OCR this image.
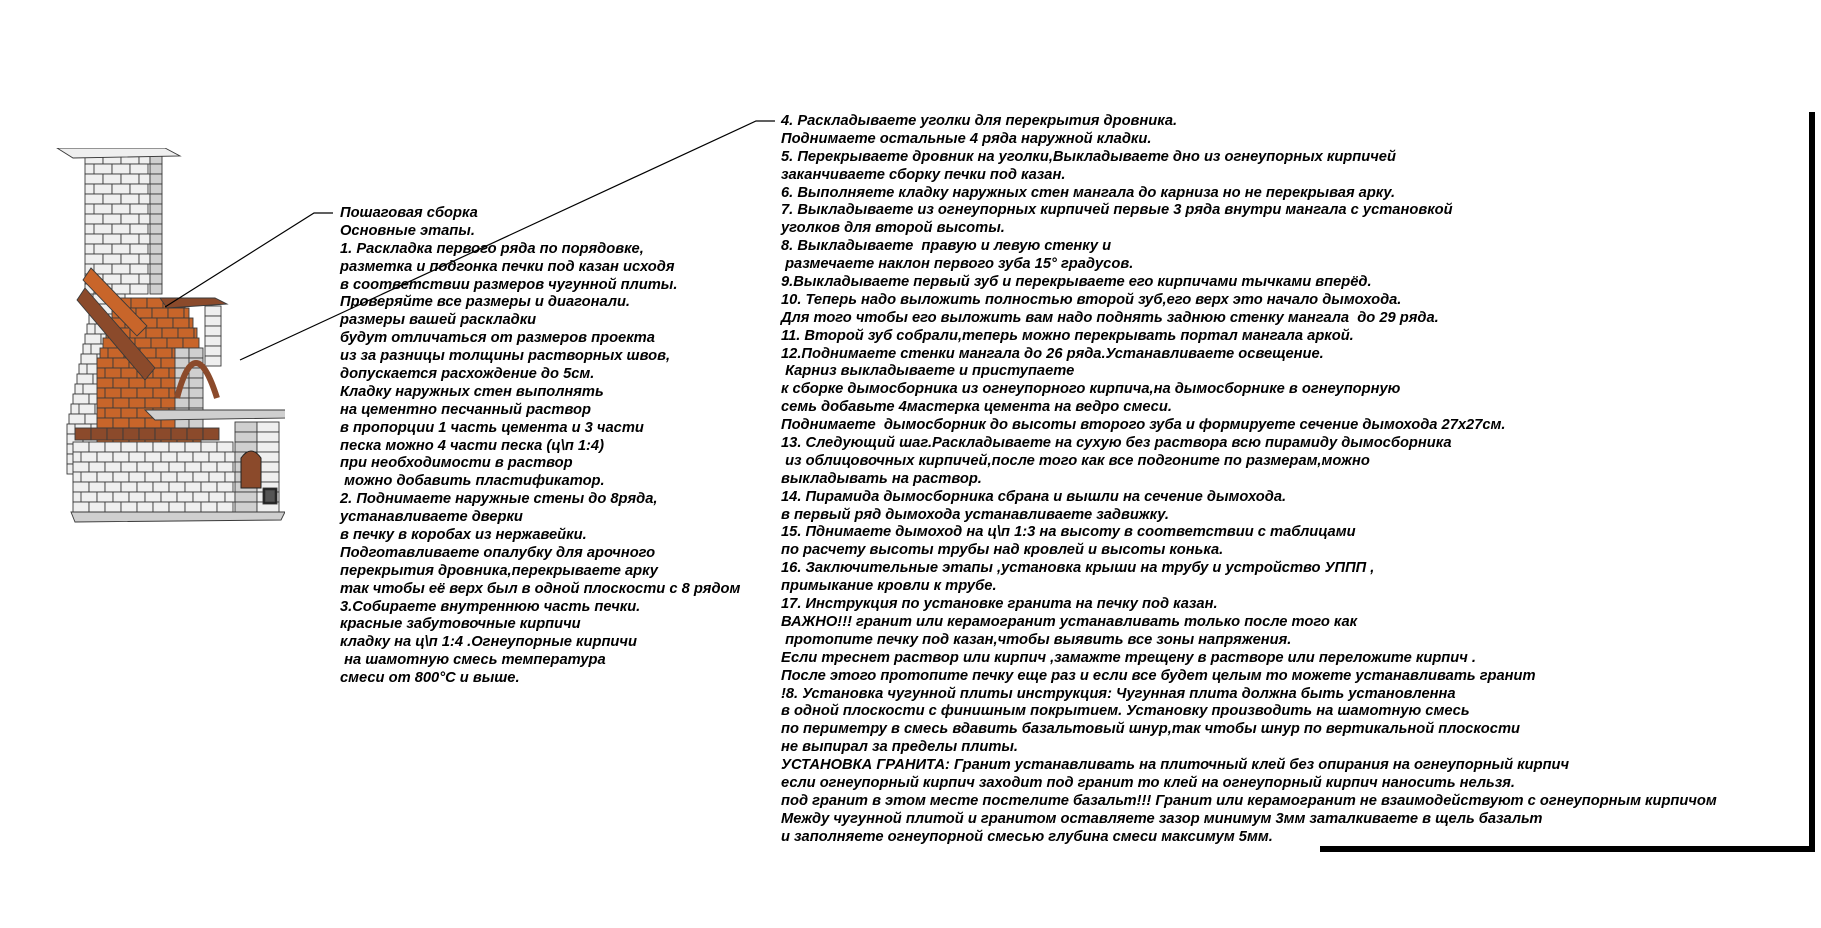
Пошаговая сборка
Основные этапы.
1. Раскладка первого ряда по порядовке,
разметка и подгонка печки под казан исходя
в соответствии размеров чугунной плиты.
Проверяйте все размеры и диагонали.
размеры вашей раскладки
будут отличаться от размеров проекта
из за разницы толщины растворных швов,
допускается расхождение до 5см.
Кладку наружных стен выполнять
на цементно песчанный раствор
в пропорции 1 часть цемента и 3 части
песка можно 4 части песка (ц\п 1:4)
при необходимости в раствор
можно добавить пластификатор.
2. Поднимаете наружные стены до 8ряда,
устанавливаете дверки
в печку в коробах из нержавейки.
Подготавливаете опалубку для арочного
перекрытия дровника,перекрываете арку
так чтобы её верх был в одной плоскости с 8 рядом
3.Собираете внутреннюю часть печки.
красные забутовочные кирпичи
кладку на ц\п 1:4 .Огнеупорные кирпичи
на шамотную смесь температура
смеси от 800°С и выше.
4. Раскладываете уголки для перекрытия дровника.
Поднимаете остальные 4 ряда наружной кладки.
5. Перекрываете дровник на уголки,Выкладываете дно из огнеупорных кирпичей
заканчиваете сборку печки под казан.
6. Выполняете кладку наружных стен мангала до карниза но не перекрывая арку.
7. Выкладываете из огнеупорных кирпичей первые 3 ряда внутри мангала с установкой
уголков для второй высоты.
8. Выкладываете  правую и левую стенку и
размечаете наклон первого зуба 15° градусов.
9.Выкладываете первый зуб и перекрываете его кирпичами тычками вперёд.
10. Теперь надо выложить полностью второй зуб,его верх это начало дымохода.
Для того чтобы его выложить вам надо поднять заднюю стенку мангала  до 29 ряда.
11. Второй зуб собрали,теперь можно перекрывать портал мангала аркой.
12.Поднимаете стенки мангала до 26 ряда.Устанавливаете освещение.
Карниз выкладываете и приступаете
к сборке дымосборника из огнеупорного кирпича,на дымосборнике в огнеупорную
семь добавьте 4мастерка цемента на ведро смеси.
Поднимаете  дымосборник до высоты второго зуба и формируете сечение дымохода 27х27см.
13. Следующий шаг.Раскладываете на сухую без раствора всю пирамиду дымосборника
из облицовочных кирпичей,после того как все подгоните по размерам,можно
выкладывать на раствор.
14. Пирамида дымосборника сбрана и вышли на сечение дымохода.
в первый ряд дымохода устанавливаете задвижку.
15. Пднимаете дымоход на ц\п 1:3 на высоту в соответствии с таблицами
по расчету высоты трубы над кровлей и высоты конька.
16. Заключительные этапы ,установка крыши на трубу и устройство УППП ,
примыкание кровли к трубе.
17. Инструкция по установке гранита на печку под казан.
ВАЖНО!!! гранит или керамогранит устанавливать только после того как
протопите печку под казан,чтобы выявить все зоны напряжения.
Если треснет раствор или кирпич ,замажте трещену в растворе или переложите кирпич .
После этого протопите печку еще раз и если все будет целым то можете устанавливать гранит
!8. Установка чугунной плиты инструкция: Чугунная плита должна быть установленна
в одной плоскости с финишным покрытием. Установку производить на шамотную смесь
по периметру в смесь вдавить базальтовый шнур,так чтобы шнур по вертикальной плоскости
не выпирал за пределы плиты.
УСТАНОВКА ГРАНИТА: Гранит устанавливать на плиточный клей без опирания на огнеупорный кирпич
если огнеупорный кирпич заходит под гранит то клей на огнеупорный кирпич наносить нельзя.
под гранит в этом месте постелите базальт!!! Гранит или керамогранит не взаимодействуют с огнеупорным кирпичом
Между чугунной плитой и гранитом оставляете зазор минимум 3мм заталкиваете в щель базальт
и заполняете огнеупорной смесью глубина смеси максимум 5мм.
